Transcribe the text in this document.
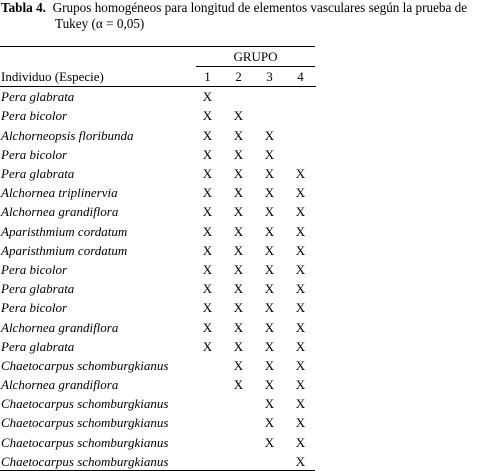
Tabla 4. Grupos homogéneos para longitud de elementos vasculares según la prueba de
Tukey (α = 0,05)
GRUPO
Individuo (Especie)	1	2	3	4
Pera glabrata	X			
Pera bicolor	X	X		
Alchorneopsis floribunda	X	X	X	
Pera bicolor	X	X	X	
Pera glabrata	X	X	X	X
Alchornea triplinervia	X	X	X	X
Alchornea grandiflora	X	X	X	X
Aparisthmium cordatum	X	X	X	X
Aparisthmium cordatum	X	X	X	X
Pera bicolor	X	X	X	X
Pera glabrata	X	X	X	X
Pera bicolor	X	X	X	X
Alchornea grandiflora	X	X	X	X
Pera glabrata	X	X	X	X
Chaetocarpus schomburgkianus		X	X	X
Alchornea grandiflora		X	X	X
Chaetocarpus schomburgkianus			X	X
Chaetocarpus schomburgkianus			X	X
Chaetocarpus schomburgkianus			X	X
Chaetocarpus schomburgkianus				X
